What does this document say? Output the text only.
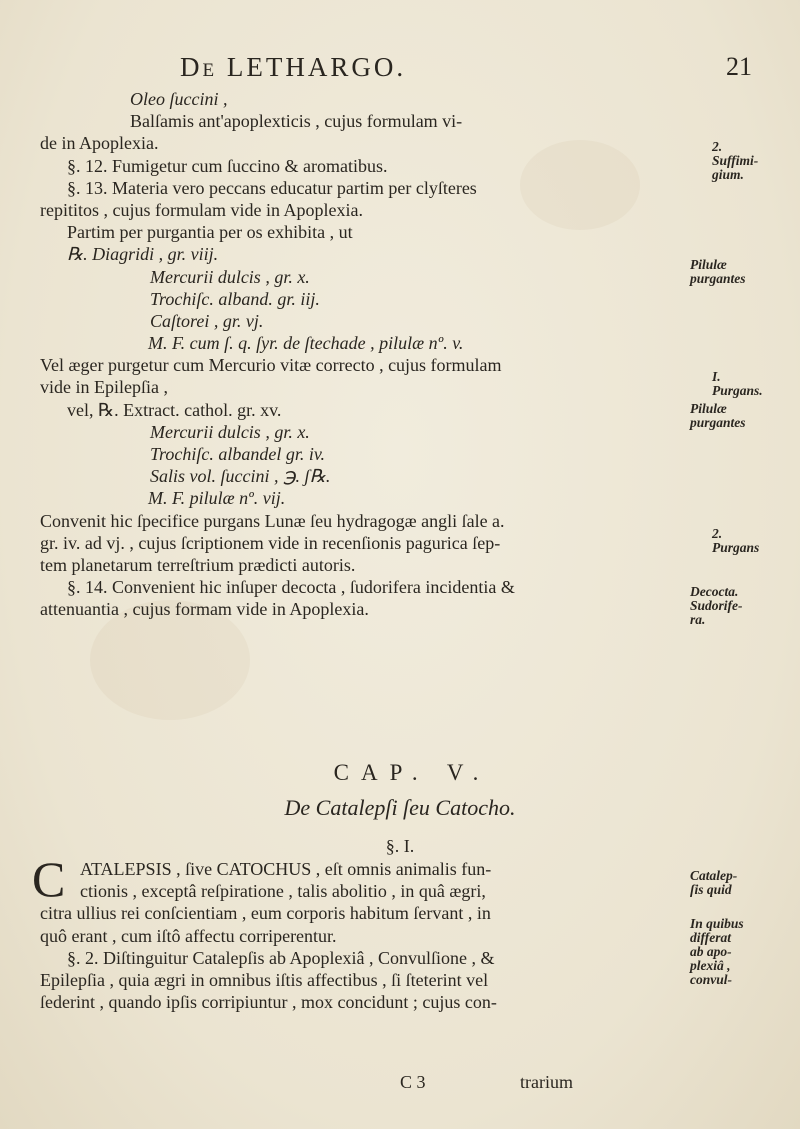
De LETHARGO.	21
Oleo ſuccini ,
Balſamis ant'apoplexticis , cujus formulam vi-
de in Apoplexia.
§. 12. Fumigetur cum ſuccino & aromatibus.
§. 13. Materia vero peccans educatur partim per clyſteres
repititos , cujus formulam vide in Apoplexia.
Partim per purgantia per os exhibita , ut
℞. Diagridi , gr. viij.
Mercurii dulcis , gr. x.
Trochiſc. alband. gr. iij.
Caſtorei , gr. vj.
M. F. cum ſ. q. ſyr. de ſtechade , pilulæ nº. v.
Vel æger purgetur cum Mercurio vitæ correcto , cujus formulam
vide in Epilepſia ,
vel, ℞. Extract. cathol. gr. xv.
Mercurii dulcis , gr. x.
Trochiſc. albandel gr. iv.
Salis vol. ſuccini , ℈. ʃ℞.
M. F. pilulæ nº. vij.
Convenit hic ſpecifice purgans Lunæ ſeu hydragogæ angli ſale a.
gr. iv. ad vj. , cujus ſcriptionem vide in recenſionis pagurica ſep-
tem planetarum terreſtrium prædicti autoris.
§. 14. Convenient hic inſuper decocta , ſudorifera incidentia &
attenuantia , cujus formam vide in Apoplexia.
2.
Suffimi-
gium.
Pilulæ
purgantes
I.
Purgans.
Pilulæ
purgantes
2.
Purgans
Decocta.
Sudorife-
ra.
Catalep-
ſis quid
In quibus
differat
ab apo-
plexiâ ,
convul-
CAP. V.
De Catalepſi ſeu Catocho.
§. I.
C ATALEPSIS , ſive CATOCHUS , eſt omnis animalis fun-
ctionis , exceptâ reſpiratione , talis abolitio , in quâ ægri,
citra ullius rei conſcientiam , eum corporis habitum ſervant , in
quô erant , cum iſtô affectu corriperentur.
§. 2. Diſtinguitur Catalepſis ab Apoplexiâ , Convulſione , &
Epilepſia , quia ægri in omnibus iſtis affectibus , ſi ſteterint vel
ſederint , quando ipſis corripiuntur , mox concidunt ; cujus con-
C 3	trarium
